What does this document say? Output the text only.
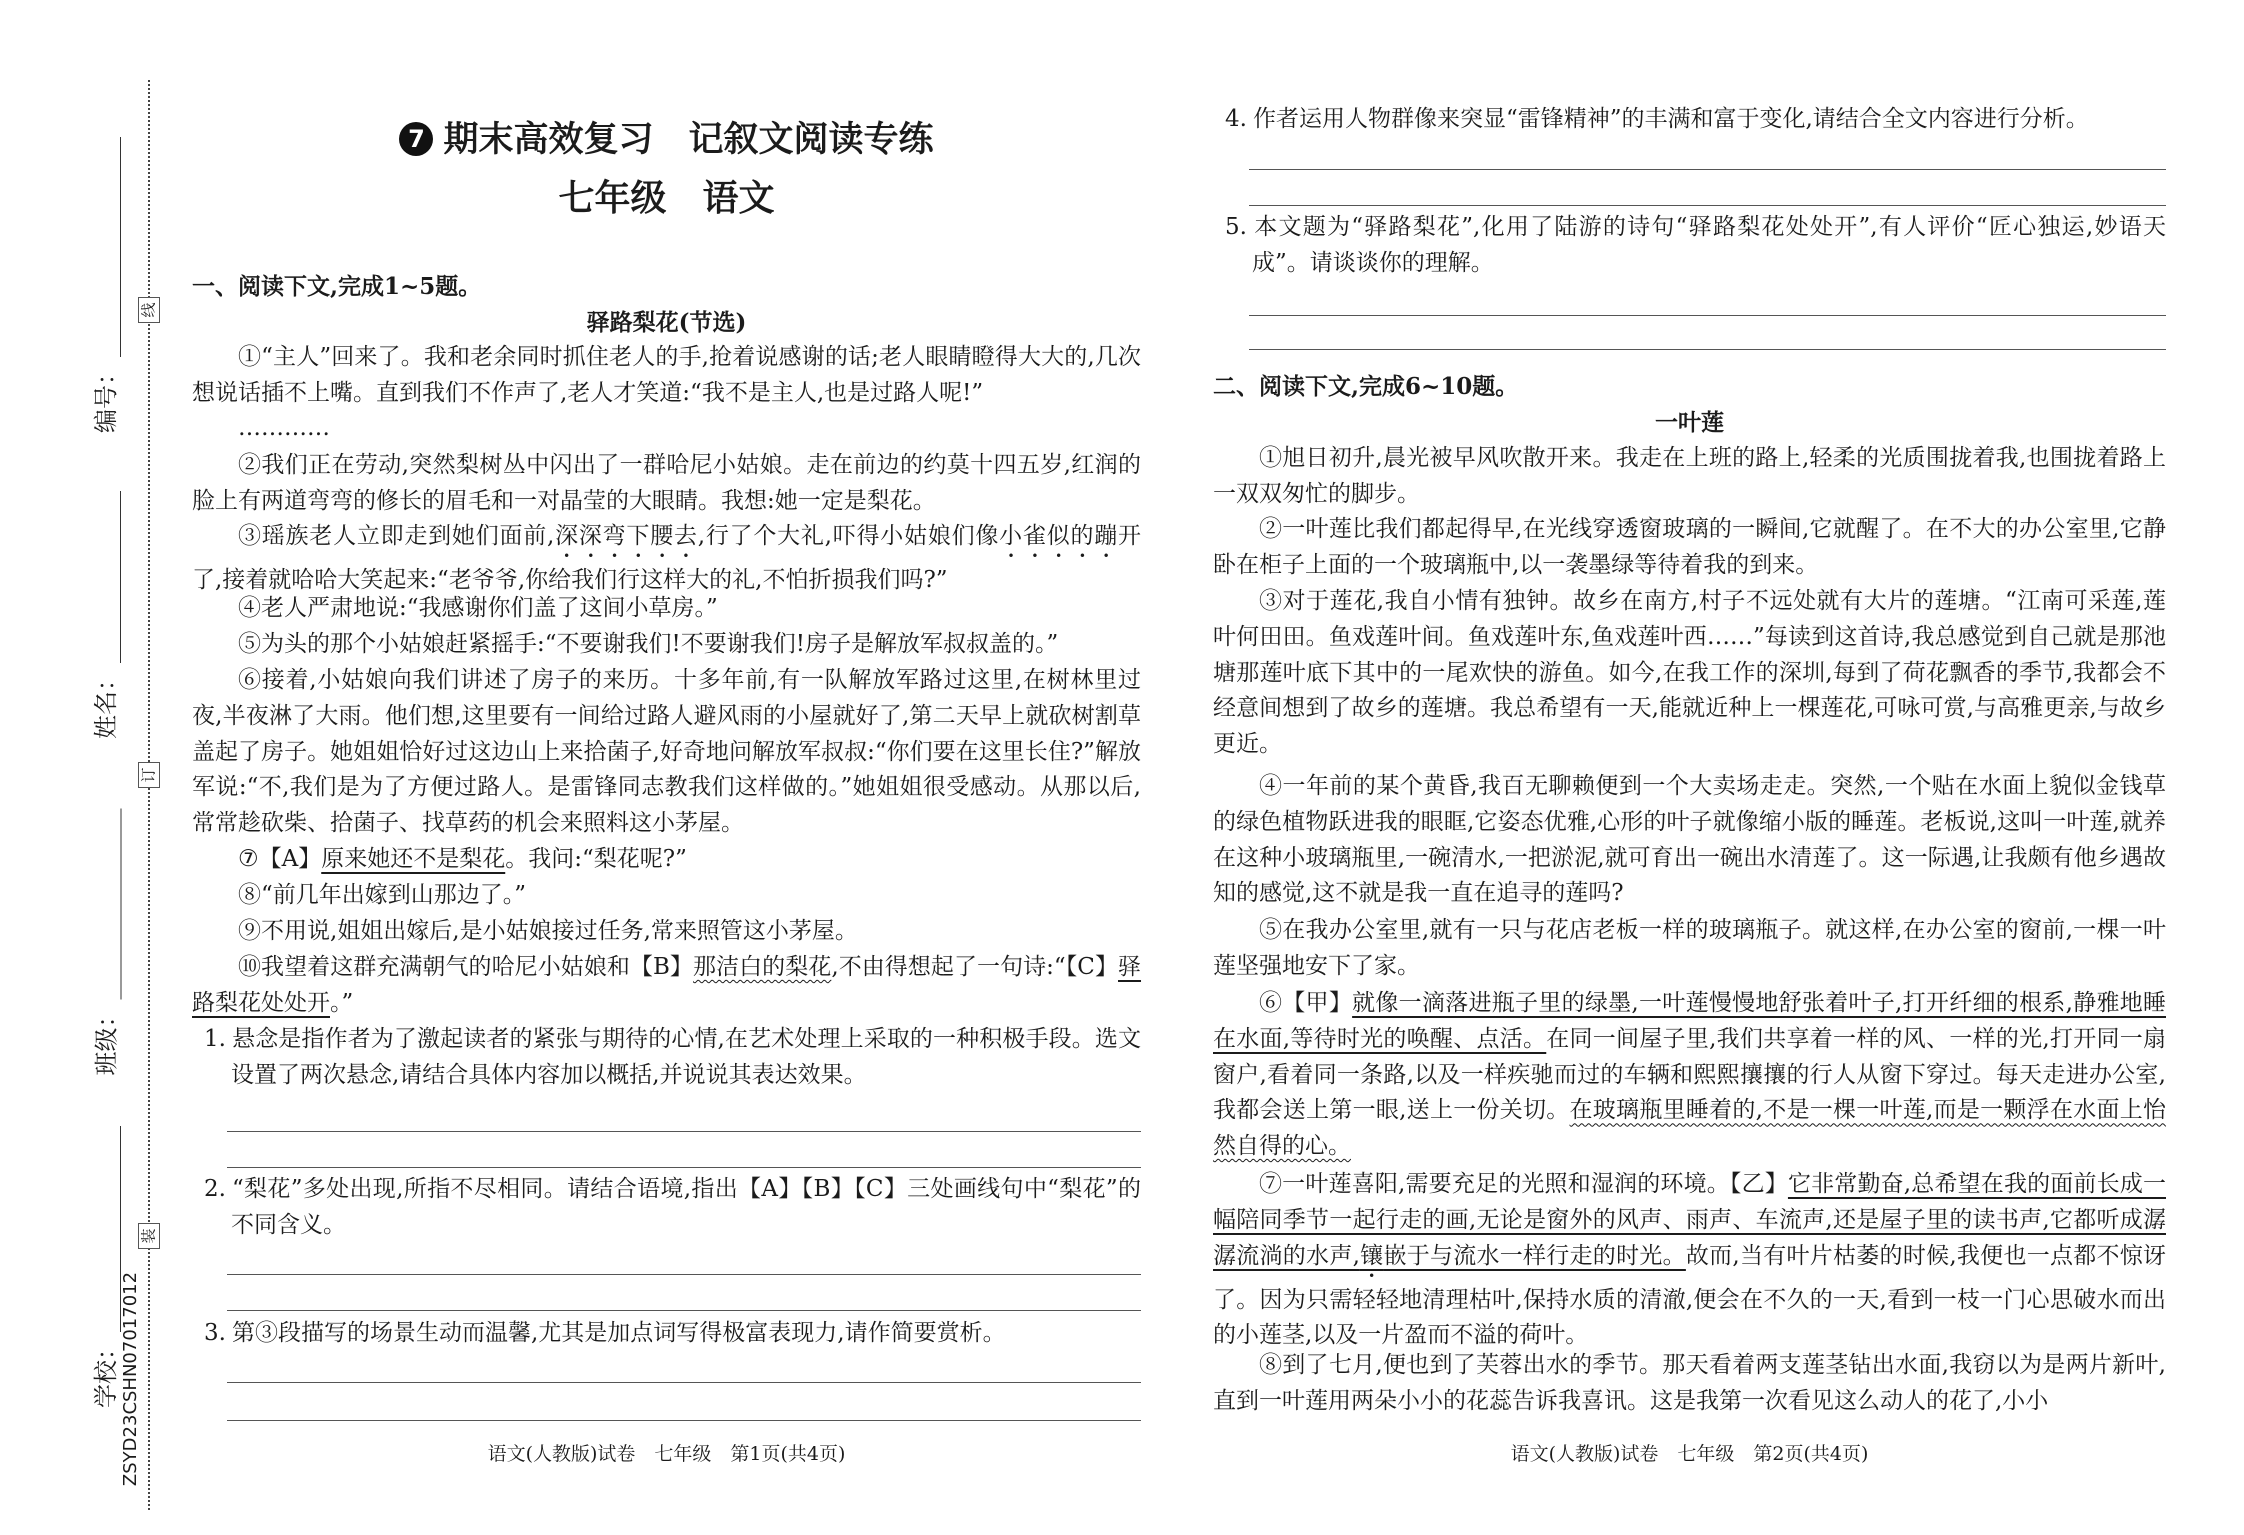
线
订
装
编号：
姓名：
班级：
学校： ZSYD23CSHN07017012
7 期末高效复习　记叙文阅读专练
七年级　语文
一、阅读下文,完成1~5题。
驿路梨花(节选)
①“主人”回来了。我和老余同时抓住老人的手,抢着说感谢的话;老人眼睛瞪得大大的,几次想说话插不上嘴。直到我们不作声了,老人才笑道:“我不是主人,也是过路人呢!”
…………
②我们正在劳动,突然梨树丛中闪出了一群哈尼小姑娘。走在前边的约莫十四五岁,红润的脸上有两道弯弯的修长的眉毛和一对晶莹的大眼睛。我想:她一定是梨花。
③瑶族老人立即走到她们面前,深深弯下腰去,行了个大礼,吓得小姑娘们像小雀似的蹦开了,接着就哈哈大笑起来:“老爷爷,你给我们行这样大的礼,不怕折损我们吗?”
④老人严肃地说:“我感谢你们盖了这间小草房。”
⑤为头的那个小姑娘赶紧摇手:“不要谢我们!不要谢我们!房子是解放军叔叔盖的。”
⑥接着,小姑娘向我们讲述了房子的来历。十多年前,有一队解放军路过这里,在树林里过夜,半夜淋了大雨。他们想,这里要有一间给过路人避风雨的小屋就好了,第二天早上就砍树割草盖起了房子。她姐姐恰好过这边山上来拾菌子,好奇地问解放军叔叔:“你们要在这里长住?”解放军说:“不,我们是为了方便过路人。是雷锋同志教我们这样做的。”她姐姐很受感动。从那以后,常常趁砍柴、拾菌子、找草药的机会来照料这小茅屋。
⑦【A】原来她还不是梨花。我问:“梨花呢?”
⑧“前几年出嫁到山那边了。”
⑨不用说,姐姐出嫁后,是小姑娘接过任务,常来照管这小茅屋。
⑩我望着这群充满朝气的哈尼小姑娘和【B】那洁白的梨花,不由得想起了一句诗:“【C】驿路梨花处处开。”
1. 悬念是指作者为了激起读者的紧张与期待的心情,在艺术处理上采取的一种积极手段。选文设置了两次悬念,请结合具体内容加以概括,并说说其表达效果。
2. “梨花”多处出现,所指不尽相同。请结合语境,指出【A】【B】【C】三处画线句中“梨花”的不同含义。
3. 第③段描写的场景生动而温馨,尤其是加点词写得极富表现力,请作简要赏析。
语文(人教版)试卷　七年级　第1页(共4页)
4. 作者运用人物群像来突显“雷锋精神”的丰满和富于变化,请结合全文内容进行分析。
5. 本文题为“驿路梨花”,化用了陆游的诗句“驿路梨花处处开”,有人评价“匠心独运,妙语天成”。请谈谈你的理解。
二、阅读下文,完成6~10题。
一叶莲
①旭日初升,晨光被早风吹散开来。我走在上班的路上,轻柔的光质围拢着我,也围拢着路上一双双匆忙的脚步。
②一叶莲比我们都起得早,在光线穿透窗玻璃的一瞬间,它就醒了。在不大的办公室里,它静卧在柜子上面的一个玻璃瓶中,以一袭墨绿等待着我的到来。
③对于莲花,我自小情有独钟。故乡在南方,村子不远处就有大片的莲塘。“江南可采莲,莲叶何田田。鱼戏莲叶间。鱼戏莲叶东,鱼戏莲叶西……”每读到这首诗,我总感觉到自己就是那池塘那莲叶底下其中的一尾欢快的游鱼。如今,在我工作的深圳,每到了荷花飘香的季节,我都会不经意间想到了故乡的莲塘。我总希望有一天,能就近种上一棵莲花,可咏可赏,与高雅更亲,与故乡更近。
④一年前的某个黄昏,我百无聊赖便到一个大卖场走走。突然,一个贴在水面上貌似金钱草的绿色植物跃进我的眼眶,它姿态优雅,心形的叶子就像缩小版的睡莲。老板说,这叫一叶莲,就养在这种小玻璃瓶里,一碗清水,一把淤泥,就可育出一碗出水清莲了。这一际遇,让我颇有他乡遇故知的感觉,这不就是我一直在追寻的莲吗?
⑤在我办公室里,就有一只与花店老板一样的玻璃瓶子。就这样,在办公室的窗前,一棵一叶莲坚强地安下了家。
⑥【甲】就像一滴落进瓶子里的绿墨,一叶莲慢慢地舒张着叶子,打开纤细的根系,静雅地睡在水面,等待时光的唤醒、点活。在同一间屋子里,我们共享着一样的风、一样的光,打开同一扇窗户,看着同一条路,以及一样疾驰而过的车辆和熙熙攘攘的行人从窗下穿过。每天走进办公室,我都会送上第一眼,送上一份关切。在玻璃瓶里睡着的,不是一棵一叶莲,而是一颗浮在水面上怡然自得的心。
⑦一叶莲喜阳,需要充足的光照和湿润的环境。【乙】它非常勤奋,总希望在我的面前长成一幅陪同季节一起行走的画,无论是窗外的风声、雨声、车流声,还是屋子里的读书声,它都听成潺潺流淌的水声,镶嵌于与流水一样行走的时光。故而,当有叶片枯萎的时候,我便也一点都不惊讶了。因为只需轻轻地清理枯叶,保持水质的清澈,便会在不久的一天,看到一枝一门心思破水而出的小莲茎,以及一片盈而不溢的荷叶。
⑧到了七月,便也到了芙蓉出水的季节。那天看着两支莲茎钻出水面,我窃以为是两片新叶,直到一叶莲用两朵小小的花蕊告诉我喜讯。这是我第一次看见这么动人的花了,小小
语文(人教版)试卷　七年级　第2页(共4页)
